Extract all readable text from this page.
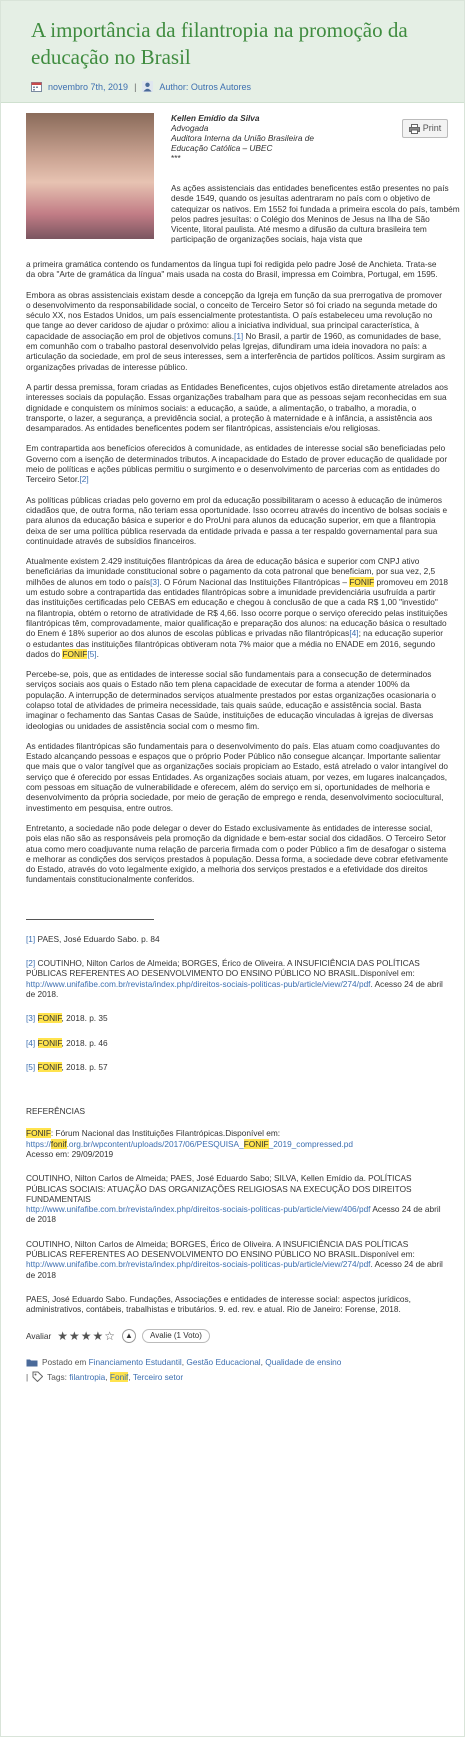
A importância da filantropia na promoção da educação no Brasil
novembro 7th, 2019 |	Author: Outros Autores
Kellen Emídio da Silva
Advogada
Auditora Interna da União Brasileira de
Educação Católica – UBEC
***
Print
As ações assistenciais das entidades beneficentes estão presentes no país desde 1549, quando os jesuítas adentraram no país com o objetivo de catequizar os nativos. Em 1552 foi fundada a primeira escola do país, também pelos padres jesuítas: o Colégio dos Meninos de Jesus na Ilha de São Vicente, litoral paulista. Até mesmo a difusão da cultura brasileira tem participação de organizações sociais, haja vista que

a primeira gramática contendo os fundamentos da língua tupi foi redigida pelo padre José de Anchieta. Trata-se da obra "Arte de gramática da língua" mais usada na costa do Brasil, impressa em Coimbra, Portugal, em 1595.

Embora as obras assistenciais existam desde a concepção da Igreja em função da sua prerrogativa de promover o desenvolvimento da responsabilidade social, o conceito de Terceiro Setor só foi criado na segunda metade do século XX, nos Estados Unidos, um país essencialmente protestantista. O país estabeleceu uma revolução no que tange ao dever caridoso de ajudar o próximo: aliou a iniciativa individual, sua principal característica, à capacidade de associação em prol de objetivos comuns.[1] No Brasil, a partir de 1960, as comunidades de base, em comunhão com o trabalho pastoral desenvolvido pelas Igrejas, difundiram uma ideia inovadora no país: a articulação da sociedade, em prol de seus interesses, sem a interferência de partidos políticos. Assim surgiram as organizações privadas de interesse público.

A partir dessa premissa, foram criadas as Entidades Beneficentes, cujos objetivos estão diretamente atrelados aos interesses sociais da população. Essas organizações trabalham para que as pessoas sejam reconhecidas em sua dignidade e conquistem os mínimos sociais: a educação, a saúde, a alimentação, o trabalho, a moradia, o transporte, o lazer, a segurança, a previdência social, a proteção à maternidade e à infância, a assistência aos desamparados. As entidades beneficentes podem ser filantrópicas, assistenciais e/ou religiosas.

Em contrapartida aos benefícios oferecidos à comunidade, as entidades de interesse social são beneficiadas pelo Governo com a isenção de determinados tributos. A incapacidade do Estado de prover educação de qualidade por meio de políticas e ações públicas permitiu o surgimento e o desenvolvimento de parcerias com as entidades do Terceiro Setor.[2]

As políticas públicas criadas pelo governo em prol da educação possibilitaram o acesso à educação de inúmeros cidadãos que, de outra forma, não teriam essa oportunidade. Isso ocorreu através do incentivo de bolsas sociais e para alunos da educação básica e superior e do ProUni para alunos da educação superior, em que a filantropia deixa de ser uma política pública reservada da entidade privada e passa a ter respaldo governamental para sua continuidade através de subsídios financeiros.

Atualmente existem 2.429 instituições filantrópicas da área de educação básica e superior com CNPJ ativo beneficiárias da imunidade constitucional sobre o pagamento da cota patronal que beneficiam, por sua vez, 2,5 milhões de alunos em todo o país[3]. O Fórum Nacional das Instituições Filantrópicas – FONIF promoveu em 2018 um estudo sobre a contrapartida das entidades filantrópicas sobre a imunidade previdenciária usufruída a partir das instituições certificadas pelo CEBAS em educação e chegou à conclusão de que a cada R$ 1,00 "investido" na filantropia, obtém o retorno de atratividade de R$ 4,66. Isso ocorre porque o serviço oferecido pelas instituições filantrópicas têm, comprovadamente, maior qualificação e preparação dos alunos: na educação básica o resultado do Enem é 18% superior ao dos alunos de escolas públicas e privadas não filantrópicas[4]; na educação superior o estudantes das instituições filantrópicas obtiveram nota 7% maior que a média no ENADE em 2016, segundo dados do FONIF[5].

Percebe-se, pois, que as entidades de interesse social são fundamentais para a consecução de determinados serviços sociais aos quais o Estado não tem plena capacidade de executar de forma a atender 100% da população. A interrupção de determinados serviços atualmente prestados por estas organizações ocasionaria o colapso total de atividades de primeira necessidade, tais quais saúde, educação e assistência social. Basta imaginar o fechamento das Santas Casas de Saúde, instituições de educação vinculadas à igrejas de diversas ideologias ou unidades de assistência social com o mesmo fim.

As entidades filantrópicas são fundamentais para o desenvolvimento do país. Elas atuam como coadjuvantes do Estado alcançando pessoas e espaços que o próprio Poder Público não consegue alcançar. Importante salientar que mais que o valor tangível que as organizações sociais propiciam ao Estado, está atrelado o valor intangível do serviço que é oferecido por essas Entidades. As organizações sociais atuam, por vezes, em lugares inalcançados, com pessoas em situação de vulnerabilidade e oferecem, além do serviço em si, oportunidades de melhoria e desenvolvimento da própria sociedade, por meio de geração de emprego e renda, desenvolvimento sociocultural, investimento em pesquisa, entre outros.

Entretanto, a sociedade não pode delegar o dever do Estado exclusivamente às entidades de interesse social, pois elas não são as responsáveis pela promoção da dignidade e bem-estar social dos cidadãos. O Terceiro Setor atua como mero coadjuvante numa relação de parceria firmada com o poder Público a fim de desafogar o sistema e melhorar as condições dos serviços prestados à população. Dessa forma, a sociedade deve cobrar efetivamente do Estado, através do voto legalmente exigido, a melhoria dos serviços prestados e a efetividade dos direitos fundamentais constitucionalmente conferidos.

[1] PAES, José Eduardo Sabo. p. 84

[2] COUTINHO, Nilton Carlos de Almeida; BORGES, Érico de Oliveira. A INSUFICIÊNCIA DAS POLÍTICAS PÚBLICAS REFERENTES AO DESENVOLVIMENTO DO ENSINO PÚBLICO NO BRASIL.Disponível em: http://www.unifafibe.com.br/revista/index.php/direitos-sociais-politicas-pub/article/view/274/pdf. Acesso 24 de abril de 2018.

[3] FONIF, 2018. p. 35

[4] FONIF, 2018. p. 46

[5] FONIF, 2018. p. 57

REFERÊNCIAS

FONIF: Fórum Nacional das Instituições Filantrópicas.Disponível em:
https://fonif.org.br/wpcontent/uploads/2017/06/PESQUISA_FONIF_2019_compressed.pd
Acesso em: 29/09/2019

COUTINHO, Nilton Carlos de Almeida; PAES, José Eduardo Sabo; SILVA, Kellen Emídio da. POLÍTICAS PÚBLICAS SOCIAIS: ATUAÇÃO DAS ORGANIZAÇÕES RELIGIOSAS NA EXECUÇÃO DOS DIREITOS FUNDAMENTAIS
http://www.unifafibe.com.br/revista/index.php/direitos-sociais-politicas-pub/article/view/406/pdf Acesso 24 de abril de 2018

COUTINHO, Nilton Carlos de Almeida; BORGES, Érico de Oliveira. A INSUFICIÊNCIA DAS POLÍTICAS PÚBLICAS REFERENTES AO DESENVOLVIMENTO DO ENSINO PÚBLICO NO BRASIL.Disponível em:
http://www.unifafibe.com.br/revista/index.php/direitos-sociais-politicas-pub/article/view/274/pdf. Acesso 24 de abril de 2018

PAES, José Eduardo Sabo. Fundações, Associações e entidades de interesse social: aspectos jurídicos, administrativos, contábeis, trabalhistas e tributários. 9. ed. rev. e atual. Rio de Janeiro: Forense, 2018.

Avaliar ★★★★☆	▲	Avalie (1 Voto)
Postado em Financiamento Estudantil, Gestão Educacional, Qualidade de ensino
| Tags: filantropia, Fonif, Terceiro setor
